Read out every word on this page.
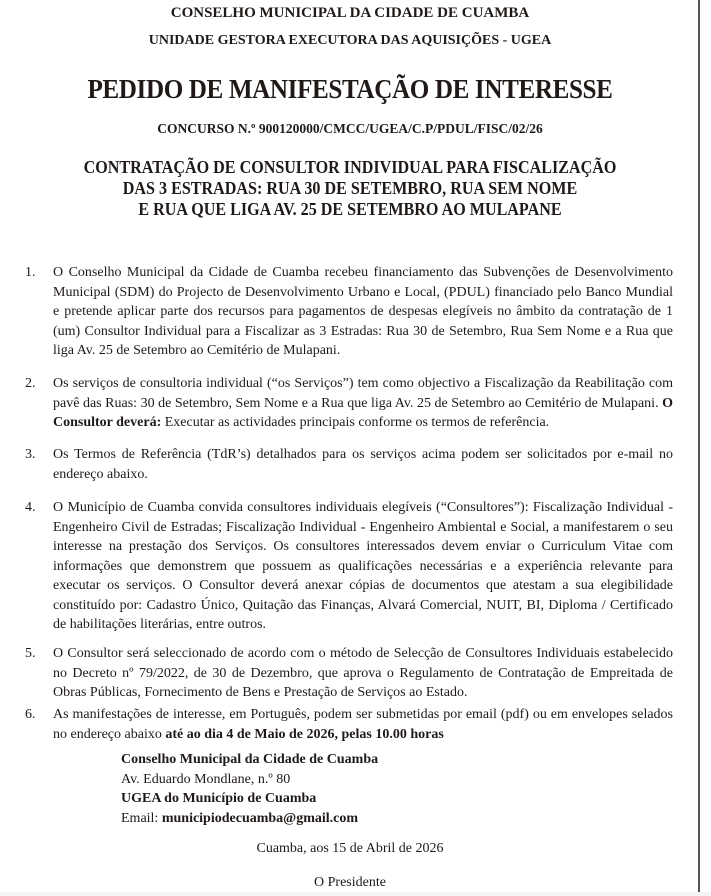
CONSELHO MUNICIPAL DA CIDADE DE CUAMBA
UNIDADE GESTORA EXECUTORA DAS AQUISIÇÕES - UGEA
PEDIDO DE MANIFESTAÇÃO DE INTERESSE
CONCURSO N.º 900120000/CMCC/UGEA/C.P/PDUL/FISC/02/26
CONTRATAÇÃO DE CONSULTOR INDIVIDUAL PARA FISCALIZAÇÃO
DAS 3 ESTRADAS: RUA 30 DE SETEMBRO, RUA SEM NOME
E RUA QUE LIGA AV. 25 DE SETEMBRO AO MULAPANE
1.	O Conselho Municipal da Cidade de Cuamba recebeu financiamento das Subvenções de Desenvolvimento Municipal (SDM) do Projecto de Desenvolvimento Urbano e Local, (PDUL) financiado pelo Banco Mundial e pretende aplicar parte dos recursos para pagamentos de despesas elegíveis no âmbito da contratação de 1 (um) Consultor Individual para a Fiscalizar as 3 Estradas: Rua 30 de Setembro, Rua Sem Nome e a Rua que liga Av. 25 de Setembro ao Cemitério de Mulapani.
2.	Os serviços de consultoria individual (“os Serviços”) tem como objectivo a Fiscalização da Reabilitação com pavê das Ruas: 30 de Setembro, Sem Nome e a Rua que liga Av. 25 de Setembro ao Cemitério de Mulapani. O Consultor deverá: Executar as actividades principais conforme os termos de referência.
3.	Os Termos de Referência (TdR’s) detalhados para os serviços acima podem ser solicitados por e-mail no endereço abaixo.
4.	O Município de Cuamba convida consultores individuais elegíveis (“Consultores”): Fiscalização Individual - Engenheiro Civil de Estradas; Fiscalização Individual - Engenheiro Ambiental e Social, a manifestarem o seu interesse na prestação dos Serviços. Os consultores interessados devem enviar o Curriculum Vitae com informações que demonstrem que possuem as qualificações necessárias e a experiência relevante para executar os serviços. O Consultor deverá anexar cópias de documentos que atestam a sua elegibilidade constituído por: Cadastro Único, Quitação das Finanças, Alvará Comercial, NUIT, BI, Diploma / Certificado de habilitações literárias, entre outros.
5.	O Consultor será seleccionado de acordo com o método de Selecção de Consultores Individuais estabelecido no Decreto nº 79/2022, de 30 de Dezembro, que aprova o Regulamento de Contratação de Empreitada de Obras Públicas, Fornecimento de Bens e Prestação de Serviços ao Estado.
6.	As manifestações de interesse, em Português, podem ser submetidas por email (pdf) ou em envelopes selados no endereço abaixo até ao dia 4 de Maio de 2026, pelas 10.00 horas
Conselho Municipal da Cidade de Cuamba
Av. Eduardo Mondlane, n.º 80
UGEA do Município de Cuamba
Email: municipiodecuamba@gmail.com
Cuamba, aos 15 de Abril de 2026
O Presidente
